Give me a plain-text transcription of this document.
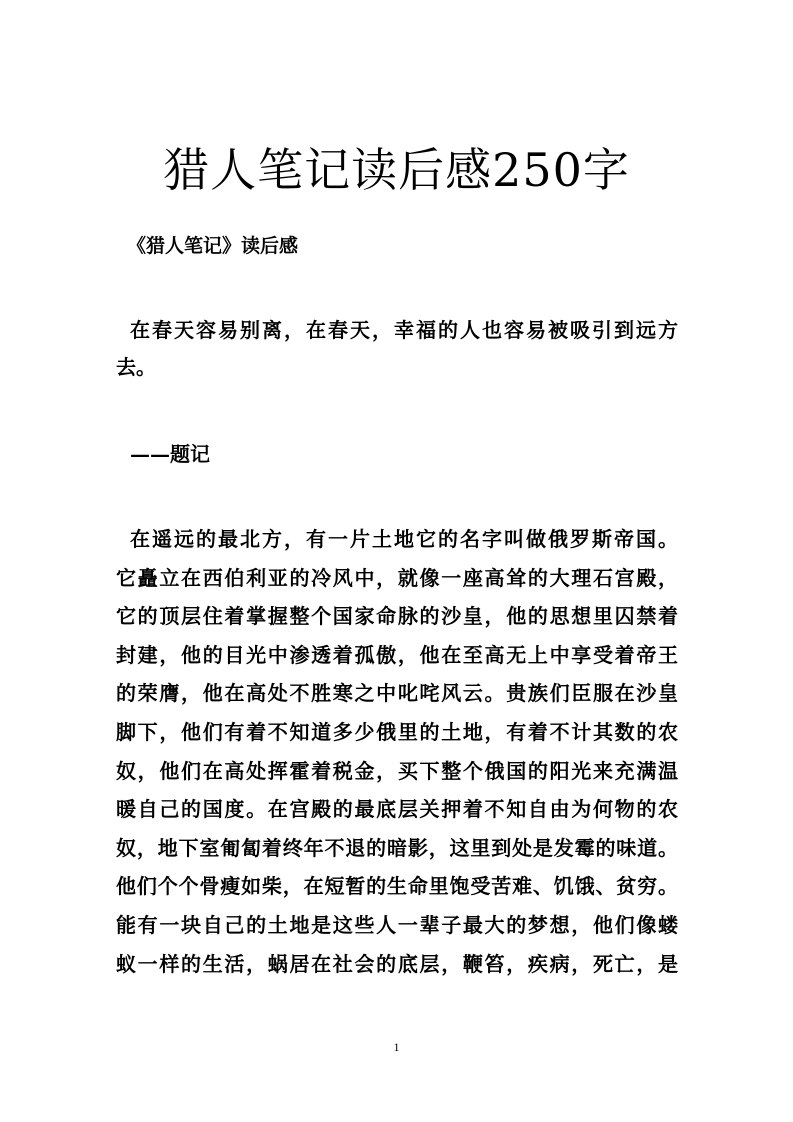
猎人笔记读后感250字
《猎人笔记》读后感
在春天容易别离，在春天，幸福的人也容易被吸引到远方
去。
——题记
在遥远的最北方，有一片土地它的名字叫做俄罗斯帝国。
它矗立在西伯利亚的冷风中，就像一座高耸的大理石宫殿，
它的顶层住着掌握整个国家命脉的沙皇，他的思想里囚禁着
封建，他的目光中渗透着孤傲，他在至高无上中享受着帝王
的荣膺，他在高处不胜寒之中叱咤风云。贵族们臣服在沙皇
脚下，他们有着不知道多少俄里的土地，有着不计其数的农
奴，他们在高处挥霍着税金，买下整个俄国的阳光来充满温
暖自己的国度。在宫殿的最底层关押着不知自由为何物的农
奴，地下室匍匐着终年不退的暗影，这里到处是发霉的味道。
他们个个骨瘦如柴，在短暂的生命里饱受苦难、饥饿、贫穷。
能有一块自己的土地是这些人一辈子最大的梦想，他们像蝼
蚁一样的生活，蜗居在社会的底层，鞭笞，疾病，死亡，是
1
